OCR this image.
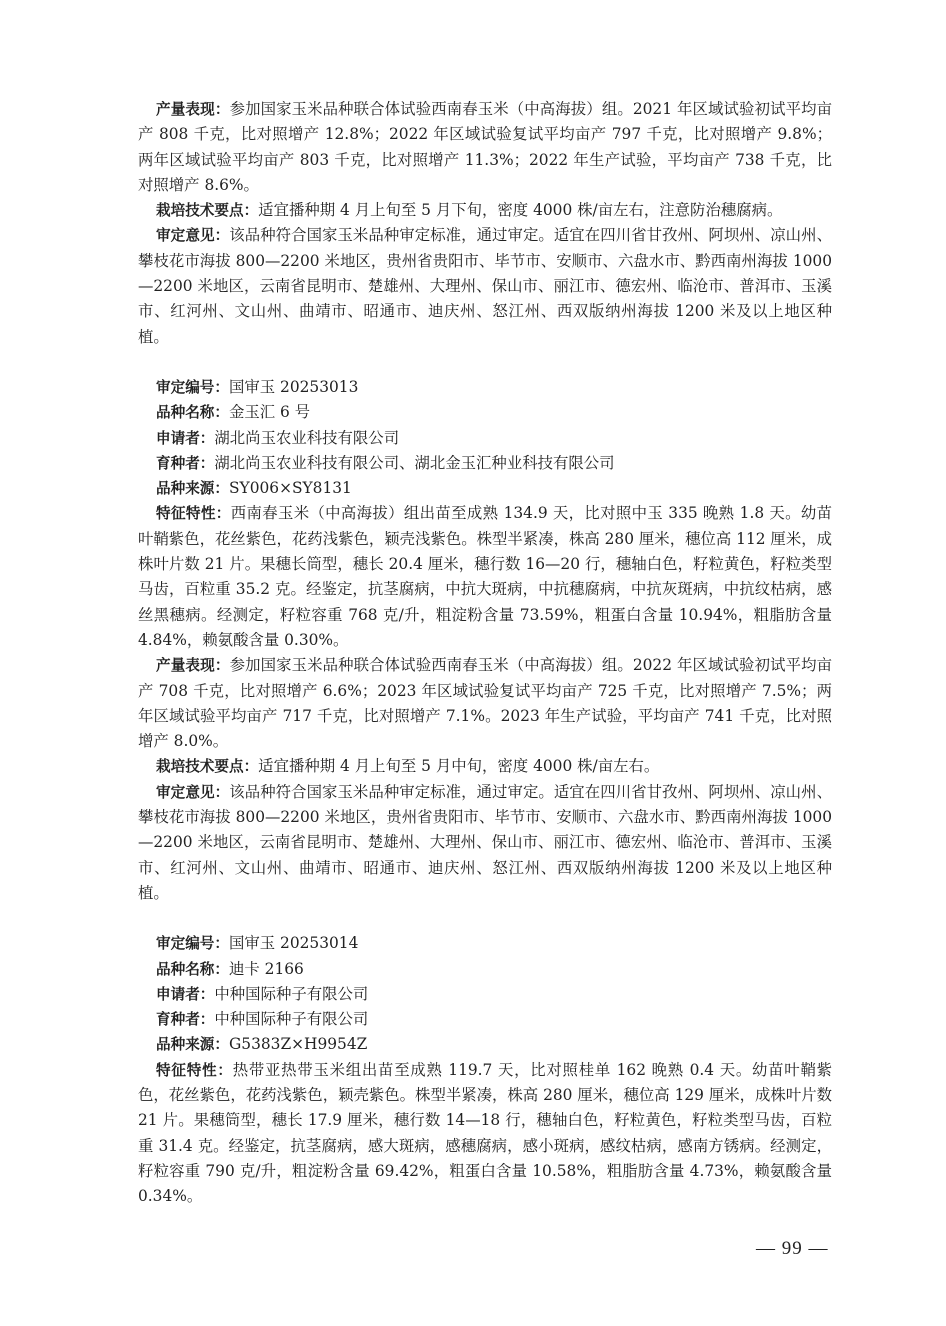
产量表现：参加国家玉米品种联合体试验西南春玉米（中高海拔）组。2021 年区域试验初试平均亩产 808 千克，比对照增产 12.8%；2022 年区域试验复试平均亩产 797 千克，比对照增产 9.8%；两年区域试验平均亩产 803 千克，比对照增产 11.3%；2022 年生产试验，平均亩产 738 千克，比对照增产 8.6%。

栽培技术要点：适宜播种期 4 月上旬至 5 月下旬，密度 4000 株/亩左右，注意防治穗腐病。

审定意见：该品种符合国家玉米品种审定标准，通过审定。适宜在四川省甘孜州、阿坝州、凉山州、攀枝花市海拔 800—2200 米地区，贵州省贵阳市、毕节市、安顺市、六盘水市、黔西南州海拔 1000—2200 米地区，云南省昆明市、楚雄州、大理州、保山市、丽江市、德宏州、临沧市、普洱市、玉溪市、红河州、文山州、曲靖市、昭通市、迪庆州、怒江州、西双版纳州海拔 1200 米及以上地区种植。

审定编号：国审玉 20253013

品种名称：金玉汇 6 号

申请者：湖北尚玉农业科技有限公司

育种者：湖北尚玉农业科技有限公司、湖北金玉汇种业科技有限公司

品种来源：SY006×SY8131

特征特性：西南春玉米（中高海拔）组出苗至成熟 134.9 天，比对照中玉 335 晚熟 1.8 天。幼苗叶鞘紫色，花丝紫色，花药浅紫色，颖壳浅紫色。株型半紧凑，株高 280 厘米，穗位高 112 厘米，成株叶片数 21 片。果穗长筒型，穗长 20.4 厘米，穗行数 16—20 行，穗轴白色，籽粒黄色，籽粒类型马齿，百粒重 35.2 克。经鉴定，抗茎腐病，中抗大斑病，中抗穗腐病，中抗灰斑病，中抗纹枯病，感丝黑穗病。经测定，籽粒容重 768 克/升，粗淀粉含量 73.59%，粗蛋白含量 10.94%，粗脂肪含量 4.84%，赖氨酸含量 0.30%。

产量表现：参加国家玉米品种联合体试验西南春玉米（中高海拔）组。2022 年区域试验初试平均亩产 708 千克，比对照增产 6.6%；2023 年区域试验复试平均亩产 725 千克，比对照增产 7.5%；两年区域试验平均亩产 717 千克，比对照增产 7.1%。2023 年生产试验，平均亩产 741 千克，比对照增产 8.0%。

栽培技术要点：适宜播种期 4 月上旬至 5 月中旬，密度 4000 株/亩左右。

审定意见：该品种符合国家玉米品种审定标准，通过审定。适宜在四川省甘孜州、阿坝州、凉山州、攀枝花市海拔 800—2200 米地区，贵州省贵阳市、毕节市、安顺市、六盘水市、黔西南州海拔 1000—2200 米地区，云南省昆明市、楚雄州、大理州、保山市、丽江市、德宏州、临沧市、普洱市、玉溪市、红河州、文山州、曲靖市、昭通市、迪庆州、怒江州、西双版纳州海拔 1200 米及以上地区种植。

审定编号：国审玉 20253014

品种名称：迪卡 2166

申请者：中种国际种子有限公司

育种者：中种国际种子有限公司

品种来源：G5383Z×H9954Z

特征特性：热带亚热带玉米组出苗至成熟 119.7 天，比对照桂单 162 晚熟 0.4 天。幼苗叶鞘紫色，花丝紫色，花药浅紫色，颖壳紫色。株型半紧凑，株高 280 厘米，穗位高 129 厘米，成株叶片数 21 片。果穗筒型，穗长 17.9 厘米，穗行数 14—18 行，穗轴白色，籽粒黄色，籽粒类型马齿，百粒重 31.4 克。经鉴定，抗茎腐病，感大斑病，感穗腐病，感小斑病，感纹枯病，感南方锈病。经测定，籽粒容重 790 克/升，粗淀粉含量 69.42%，粗蛋白含量 10.58%，粗脂肪含量 4.73%，赖氨酸含量 0.34%。

— 99 —
